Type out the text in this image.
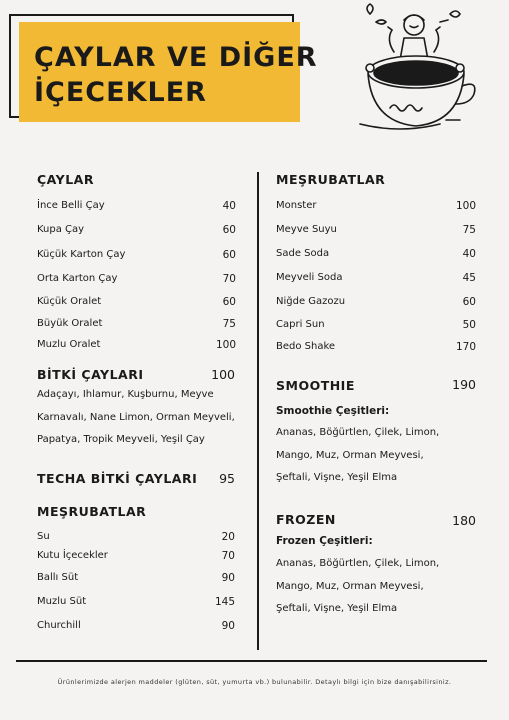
ÇAYLAR VE DİĞER
İÇECEKLER
ÇAYLAR
İnce Belli Çay	40
Kupa Çay	60
Küçük Karton Çay	60
Orta Karton Çay	70
Küçük Oralet	60
Büyük Oralet	75
Muzlu Oralet	100
BİTKİ ÇAYLARI	100
Adaçayı, Ihlamur, Kuşburnu, Meyve
Karnavalı, Nane Limon, Orman Meyveli,
Papatya, Tropik Meyveli, Yeşil Çay
TECHA BİTKİ ÇAYLARI	95
MEŞRUBATLAR
Su	20
Kutu İçecekler	70
Ballı Süt	90
Muzlu Süt	145
Churchill	90
MEŞRUBATLAR
Monster	100
Meyve Suyu	75
Sade Soda	40
Meyveli Soda	45
Niğde Gazozu	60
Capri Sun	50
Bedo Shake	170
SMOOTHIE	190
Smoothie Çeşitleri:
Ananas, Böğürtlen, Çilek, Limon,
Mango, Muz, Orman Meyvesi,
Şeftali, Vişne, Yeşil Elma
FROZEN	180
Frozen Çeşitleri:
Ananas, Böğürtlen, Çilek, Limon,
Mango, Muz, Orman Meyvesi,
Şeftali, Vişne, Yeşil Elma
Ürünlerimizde alerjen maddeler (glüten, süt, yumurta vb.) bulunabilir. Detaylı bilgi için bize danışabilirsiniz.
